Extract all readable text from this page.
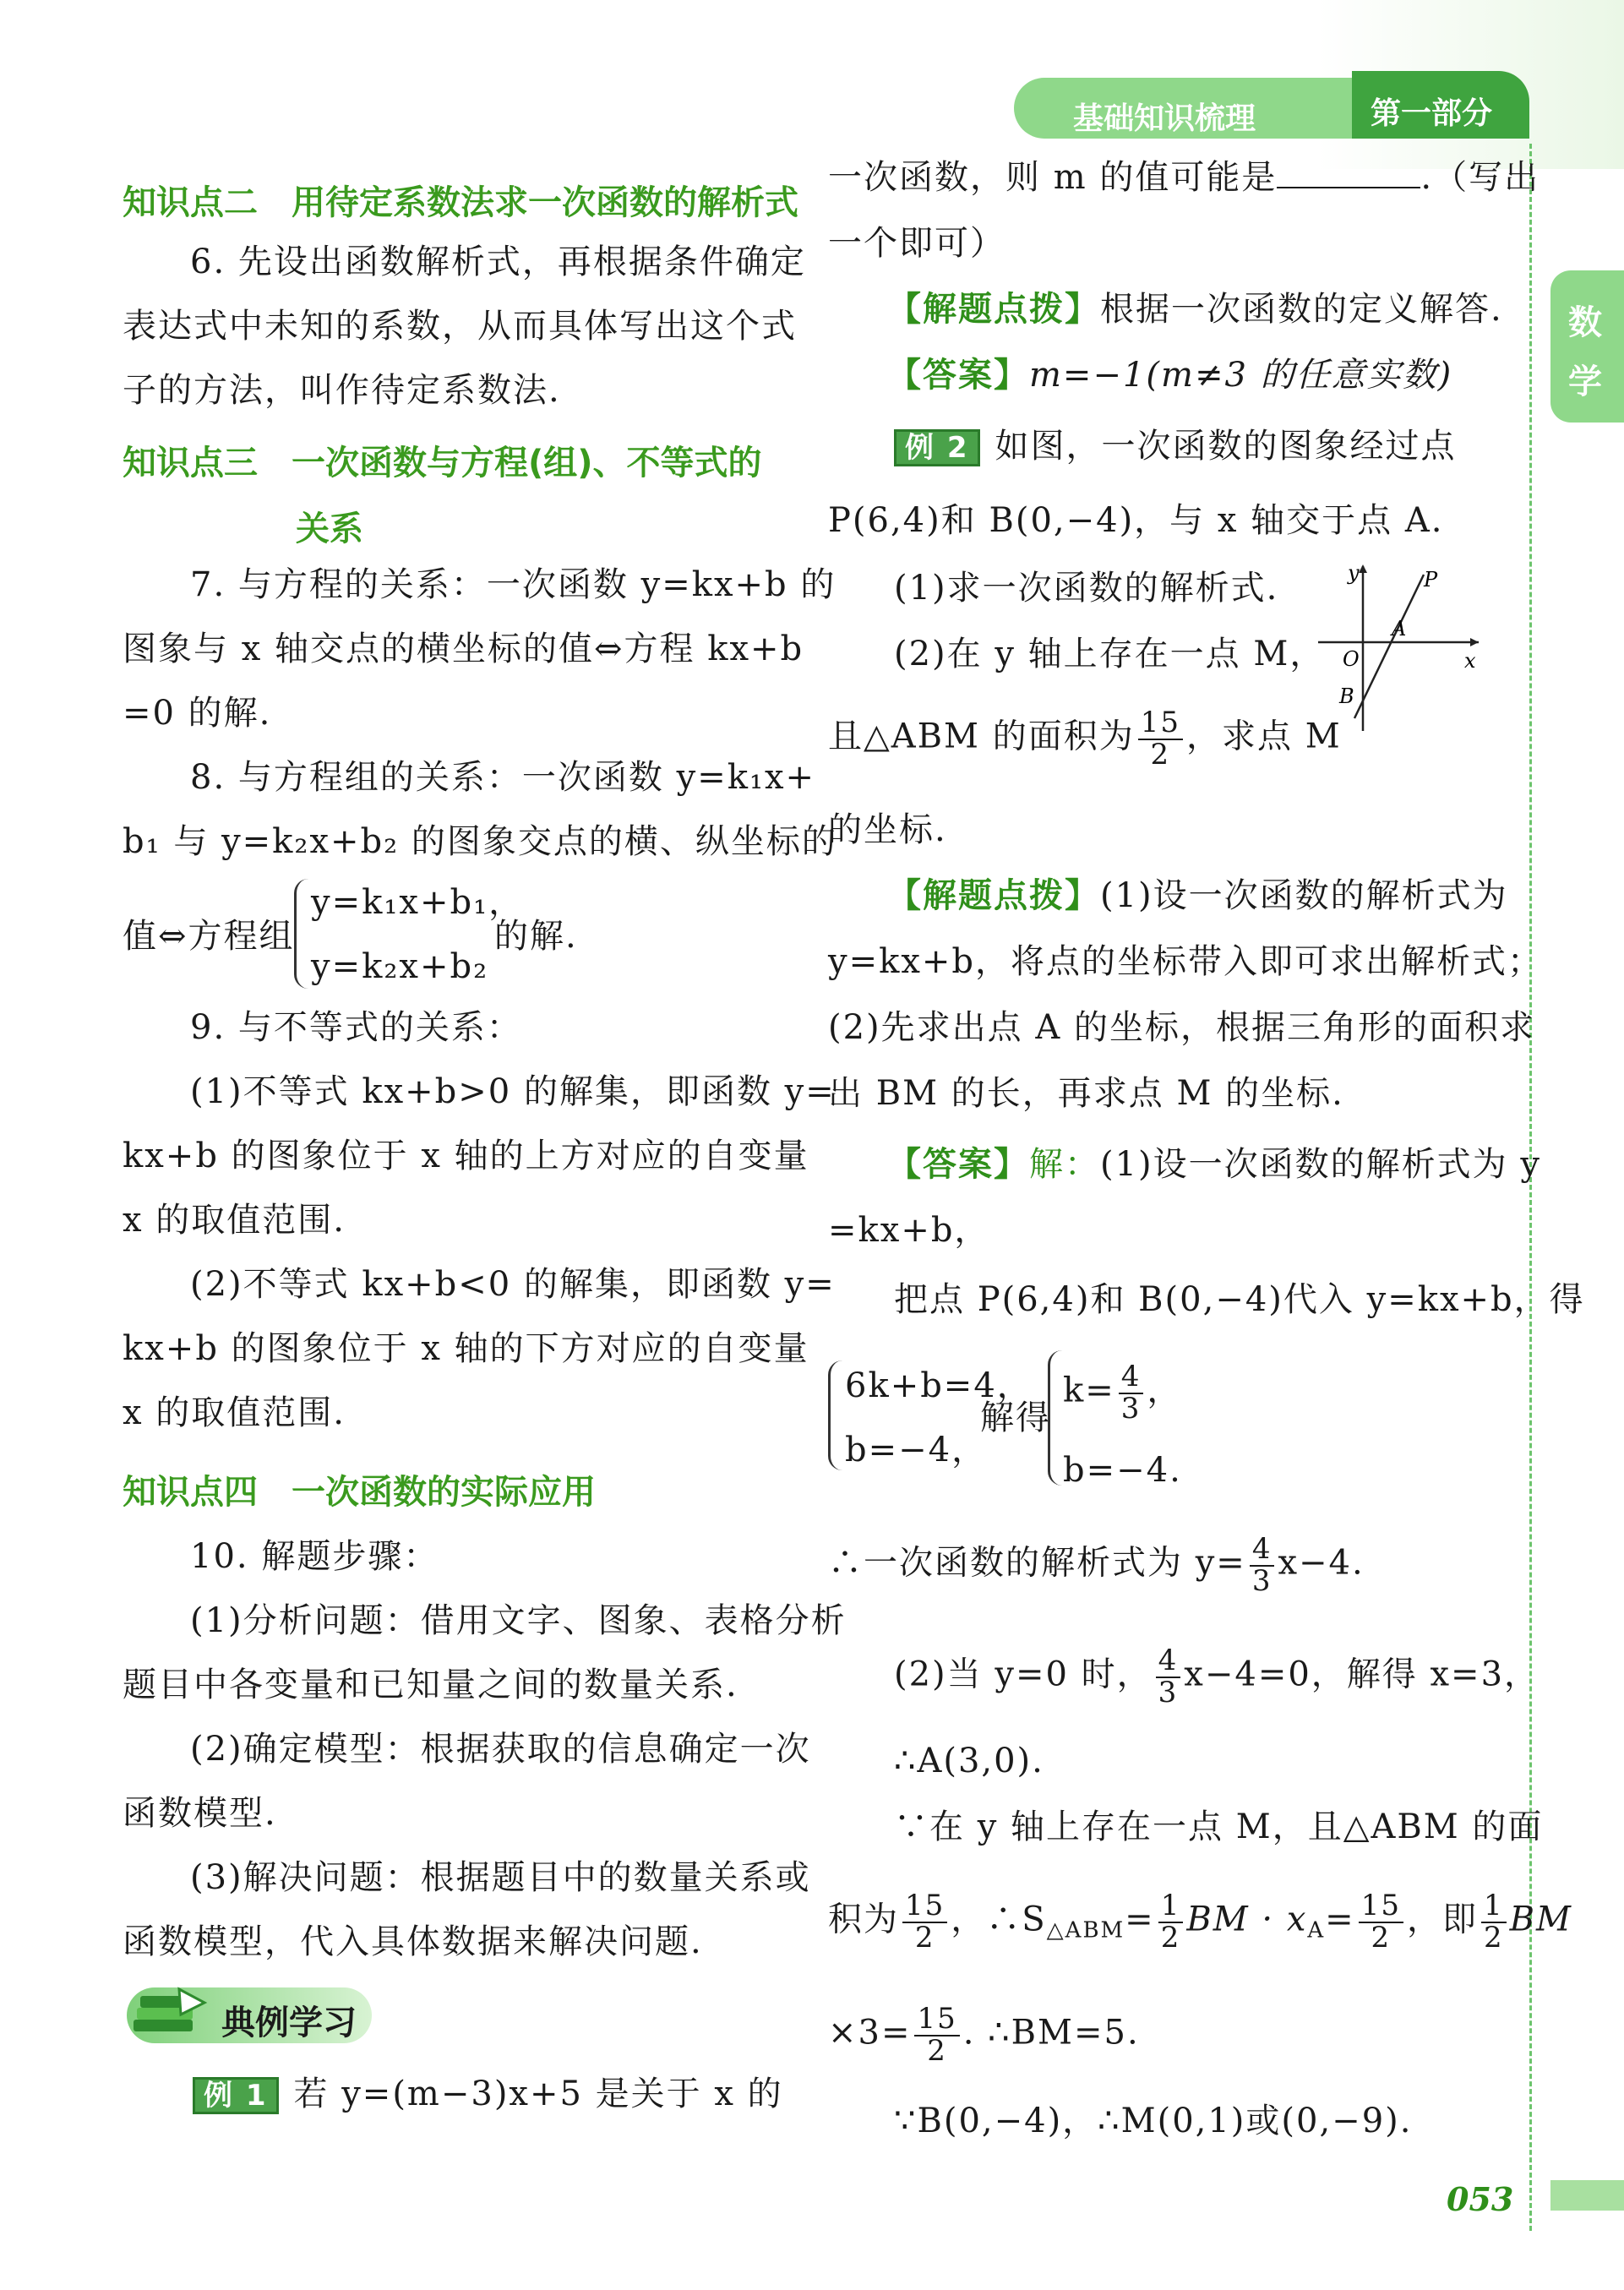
基础知识梳理	第一部分
数
学
053
知识点二　用待定系数法求一次函数的解析式
6. 先设出函数解析式，再根据条件确定
表达式中未知的系数，从而具体写出这个式
子的方法，叫作待定系数法.
知识点三　一次函数与方程(组)、不等式的
关系
7. 与方程的关系：一次函数 y=kx+b 的
图象与 x 轴交点的横坐标的值⇔方程 kx+b
=0 的解.
8. 与方程组的关系：一次函数 y=k₁x+
b₁ 与 y=k₂x+b₂ 的图象交点的横、纵坐标的
值⇔方程组
y=k₁x+b₁，
y=k₂x+b₂
的解.
9. 与不等式的关系：
(1)不等式 kx+b>0 的解集，即函数 y=
kx+b 的图象位于 x 轴的上方对应的自变量
x 的取值范围.
(2)不等式 kx+b<0 的解集，即函数 y=
kx+b 的图象位于 x 轴的下方对应的自变量
x 的取值范围.
知识点四　一次函数的实际应用
10. 解题步骤：
(1)分析问题：借用文字、图象、表格分析
题目中各变量和已知量之间的数量关系.
(2)确定模型：根据获取的信息确定一次
函数模型.
(3)解决问题：根据题目中的数量关系或
函数模型，代入具体数据来解决问题.
典例学习
例 1 若 y=(m−3)x+5 是关于 x 的
一次函数，则 m 的值可能是	.（写出
一个即可）
【解题点拨】根据一次函数的定义解答.
【答案】m=−1(m≠3 的任意实数)
例 2 如图，一次函数的图象经过点
P(6,4)和 B(0,−4)，与 x 轴交于点 A.
(1)求一次函数的解析式.
(2)在 y 轴上存在一点 M，
且△ABM 的面积为 $\frac{15}{2}$ ，求点 M
的坐标.
y
x
O
A
B
P
【解题点拨】(1)设一次函数的解析式为
y=kx+b，将点的坐标带入即可求出解析式；
(2)先求出点 A 的坐标，根据三角形的面积求
出 BM 的长，再求点 M 的坐标.
【答案】解：(1)设一次函数的解析式为 y
=kx+b，
把点 P(6,4)和 B(0,−4)代入 y=kx+b，得
6k+b=4，
b=−4，
解得
$k= \frac{4}{3}$ ，
b=−4.
∴一次函数的解析式为 $y= \frac{4}{3} x-4$.
(2)当 y=0 时， $\frac{4}{3} x-4=0$，解得 x=3，
∴A(3,0).
∵在 y 轴上存在一点 M，且△ABM 的面
积为 $\frac{15}{2}$ ，$\therefore S_{\triangle ABM}= \frac{1}{2}$ BM · $x_A= \frac{15}{2}$ ，即 $\frac{1}{2}$ BM
$\times 3= \frac{15}{2}$ . ∴BM=5.
∵B(0,−4)，∴M(0,1)或(0,−9).
